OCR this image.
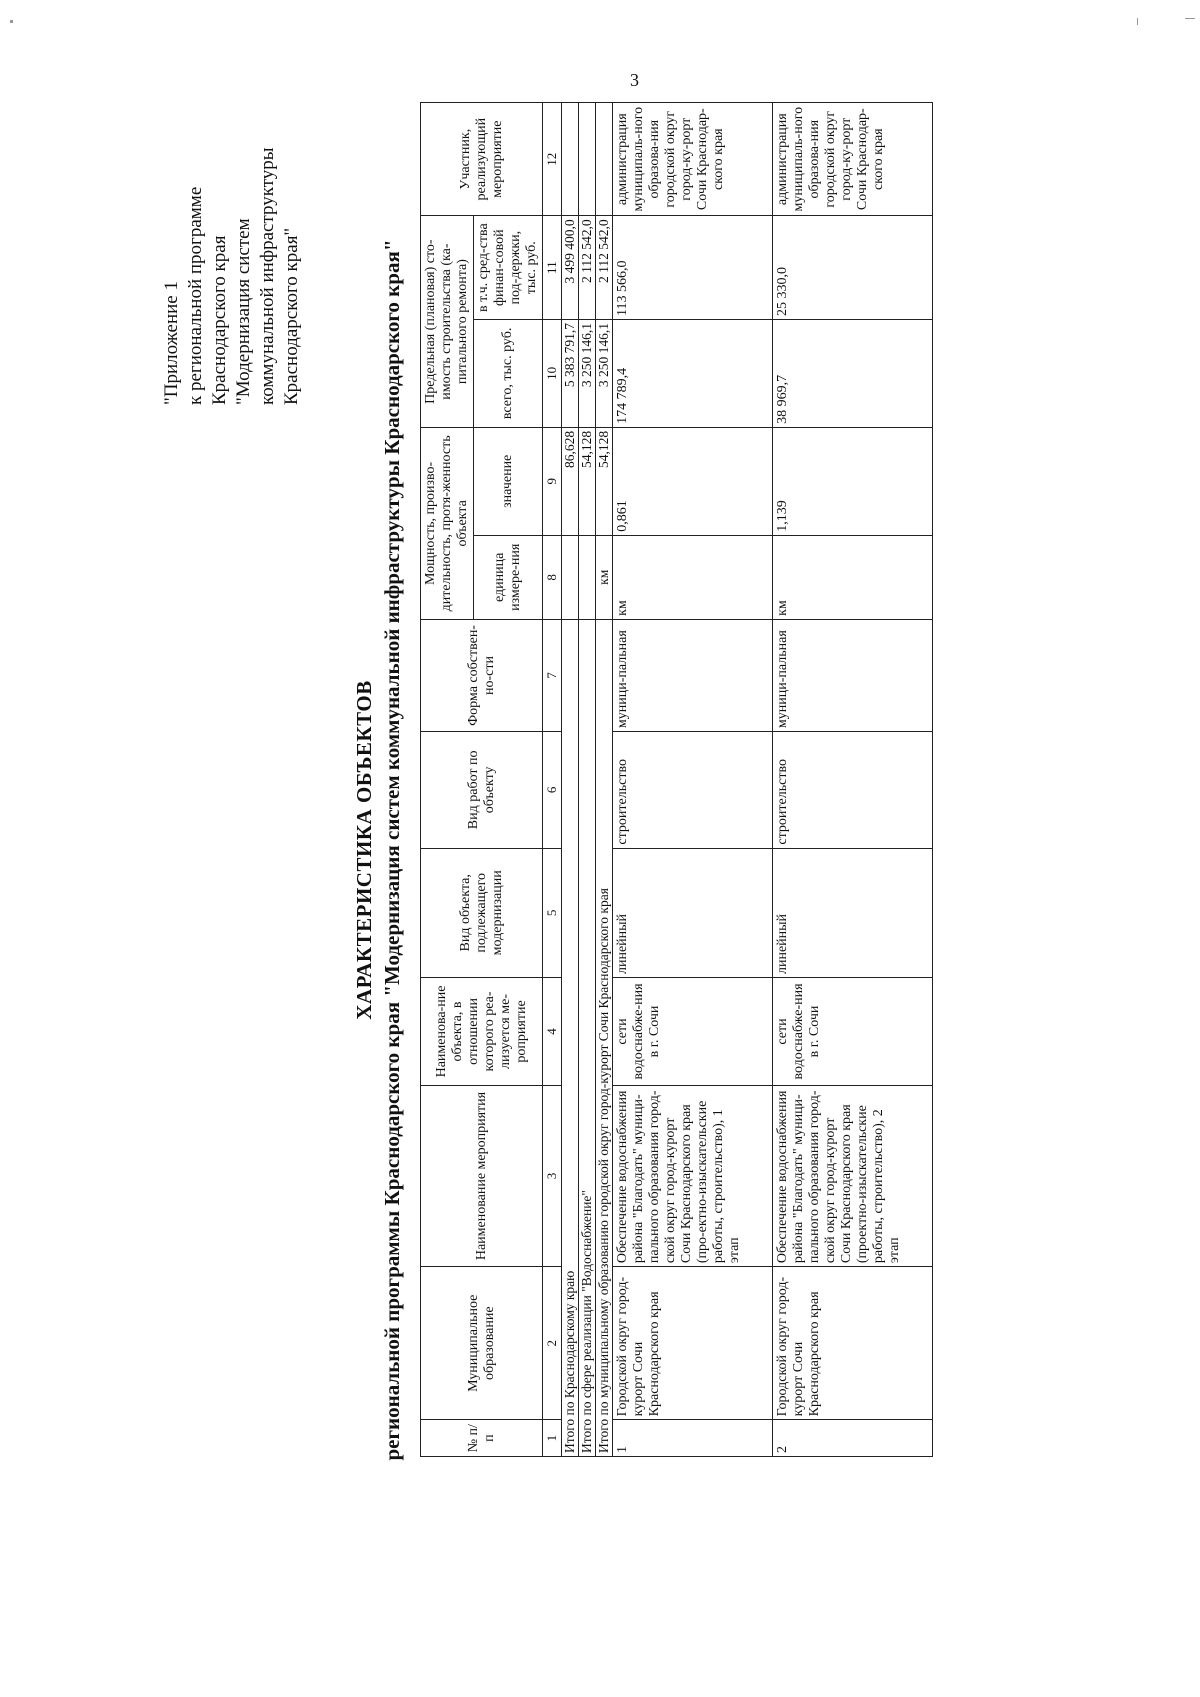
3
"Приложение 1
к региональной программе
Краснодарского края
"Модернизация систем
коммунальной инфраструктуры
Краснодарского края"
ХАРАКТЕРИСТИКА ОБЪЕКТОВ региональной программы Краснодарского края "Модернизация систем коммунальной инфраструктуры Краснодарского края"	№ п/п	Муниципальное образование	Наименование мероприятия	Наименова-ние объекта, в отношении которого реа-лизуется ме-роприятие	Вид объекта, подлежащего модернизации	Вид работ по объекту	Форма собствен-но-сти	Мощность, произво-дительность, протя-женность объекта		Предельная (плановая) сто-имость строительства (ка-питального ремонта)		Участник, реализующий мероприятие
							единица измере-ния	значение	всего, тыс. руб.	в т.ч. сред-ства финан-совой под-держки, тыс. руб.	
1	2	3	4	5	6	7	8	9	10	11	12
Итого по Краснодарскому краю								86,628	5 383 791,7	3 499 400,0	
Итого по сфере реализации "Водоснабжение"								54,128	3 250 146,1	2 112 542,0	
Итого по муниципальному образованию городской округ город-курорт Сочи Краснодарского края							км	54,128	3 250 146,1	2 112 542,0	
1	Городской округ город-курорт Сочи Краснодарского края	Обеспечение водоснабжения района "Благодать" муници-пального образования город-ской округ город-курорт Сочи Краснодарского края (про-ектно-изыскательские работы, строительство), 1 этап	сети водоснабже-ния в г. Сочи	линейный	строительство	муници-пальная	км	0,861	174 789,4	113 566,0	администрация муниципаль-ного образова-ния городской округ город-ку-рорт Сочи Краснодар-ского края
2	Городской округ город-курорт Сочи Краснодарского края	Обеспечение водоснабжения района "Благодать" муници-пального образования город-ской округ город-курорт Сочи Краснодарского края (проектно-изыскательские работы, строительство), 2 этап	сети водоснабже-ния в г. Сочи	линейный	строительство	муници-пальная	км	1,139	38 969,7	25 330,0	администрация муниципаль-ного образова-ния городской округ город-ку-рорт Сочи Краснодар-ского края
